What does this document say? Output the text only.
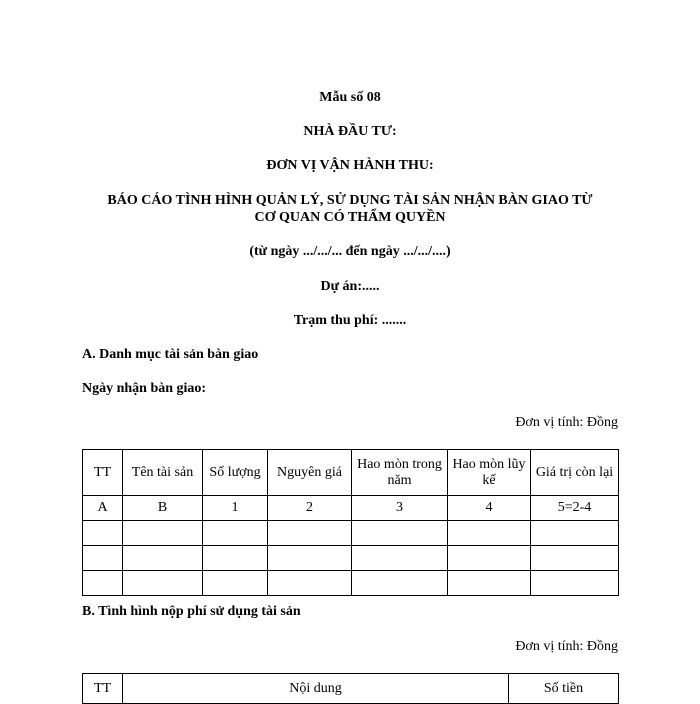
Mẫu số 08
NHÀ ĐẦU TƯ:
ĐƠN VỊ VẬN HÀNH THU:
BÁO CÁO TÌNH HÌNH QUẢN LÝ, SỬ DỤNG TÀI SẢN NHẬN BÀN GIAO TỪ
CƠ QUAN CÓ THẨM QUYỀN
(từ ngày .../.../... đến ngày .../.../....)
Dự án:.....
Trạm thu phí: .......
A. Danh mục tài sản bàn giao
Ngày nhận bàn giao:
Đơn vị tính: Đồng
TT	Tên tài sản	Số lượng	Nguyên giá	Hao mòn trong năm	Hao mòn lũy kế	Giá trị còn lại
A	B	1	2	3	4	5=2-4

B. Tình hình nộp phí sử dụng tài sản
Đơn vị tính: Đồng
TT	Nội dung	Số tiền
